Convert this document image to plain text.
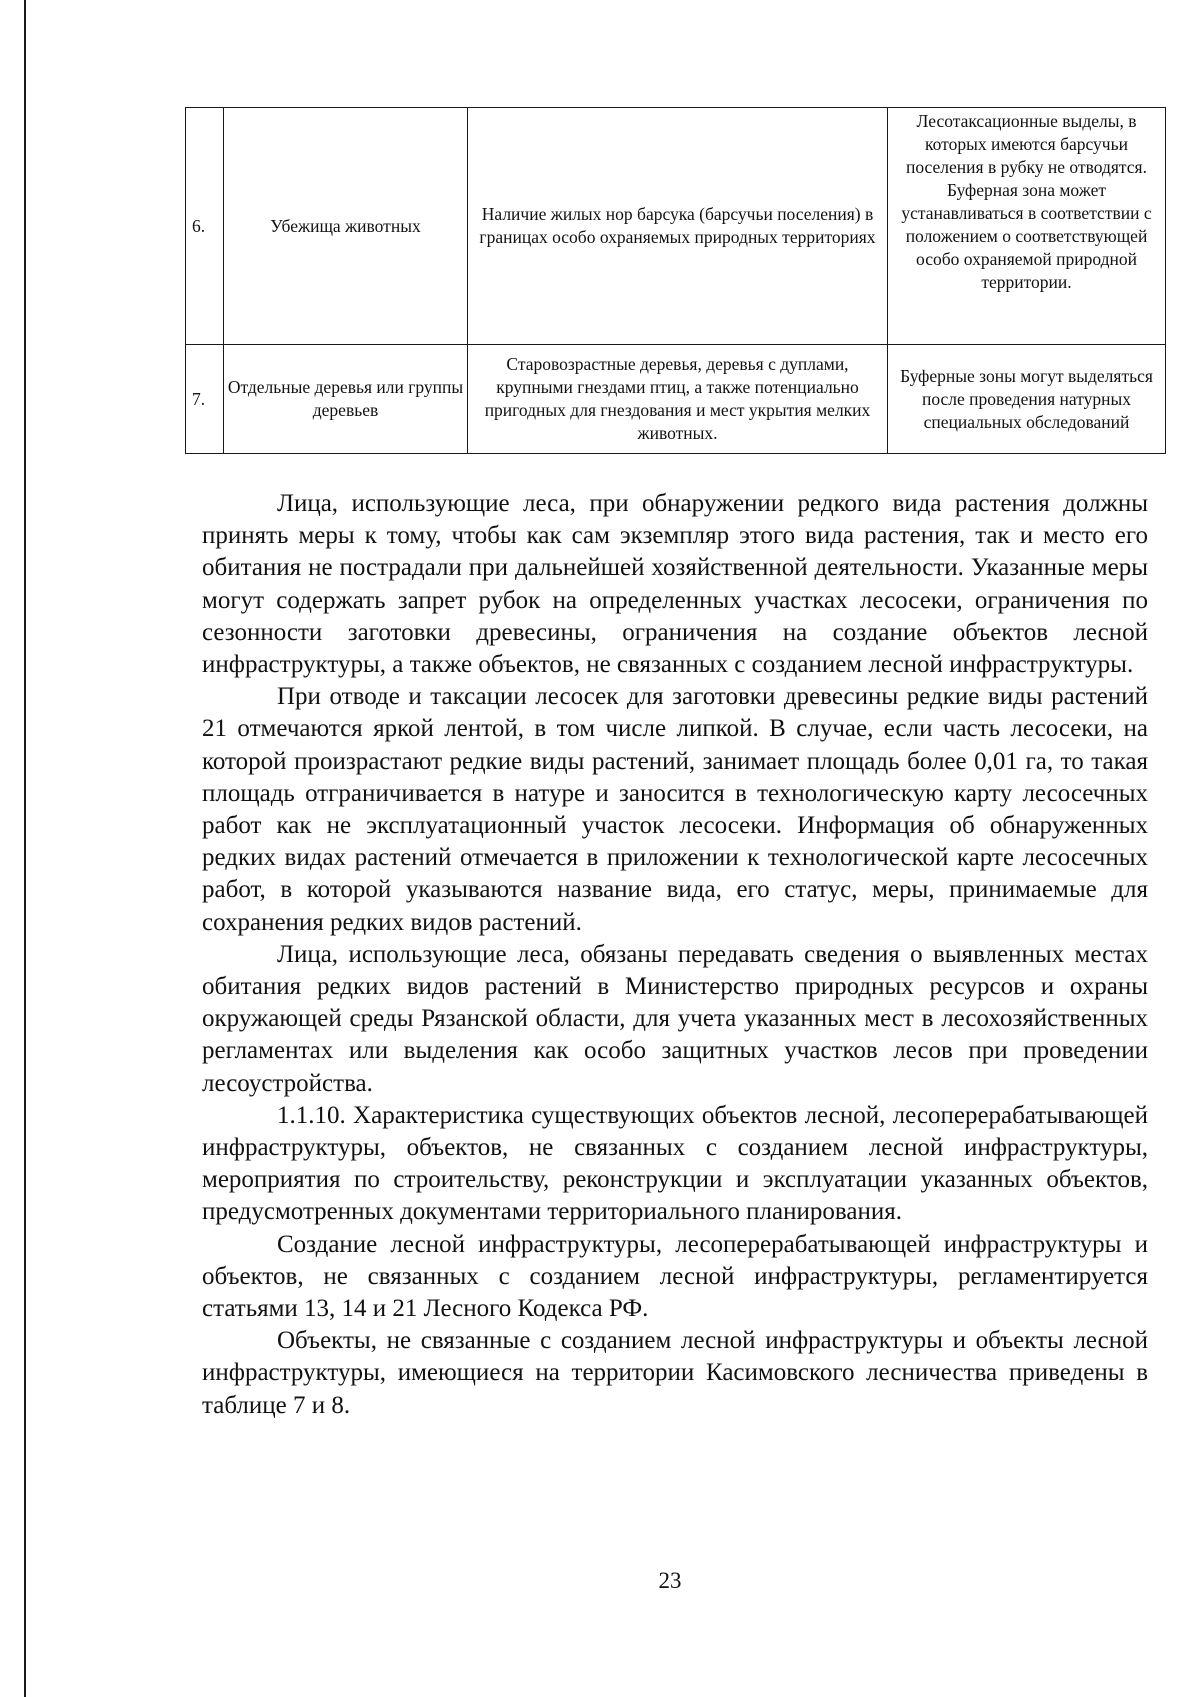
6.	Убежища животных	Наличие жилых нор барсука (барсучьи поселения) в границах особо охраняемых природных территориях	Лесотаксационные выделы, в которых имеются барсучьи поселения в рубку не отводятся. Буферная зона может устанавливаться в соответствии с положением о соответствующей особо охраняемой природной территории.
7.	Отдельные деревья или группы деревьев	Старовозрастные деревья, деревья с дуплами, крупными гнездами птиц, а также потенциально пригодных для гнездования и мест укрытия мелких животных.	Буферные зоны могут выделяться после проведения натурных специальных обследований

Лица, использующие леса, при обнаружении редкого вида растения должны принять меры к тому, чтобы как сам экземпляр этого вида растения, так и место его обитания не пострадали при дальнейшей хозяйственной деятельности. Указанные меры могут содержать запрет рубок на определенных участках лесосеки, ограничения по сезонности заготовки древесины, ограничения на создание объектов лесной инфраструктуры, а также объектов, не связанных с созданием лесной инфраструктуры.

При отводе и таксации лесосек для заготовки древесины редкие виды растений 21 отмечаются яркой лентой, в том числе липкой. В случае, если часть лесосеки, на которой произрастают редкие виды растений, занимает площадь более 0,01 га, то такая площадь отграничивается в натуре и заносится в технологическую карту лесосечных работ как не эксплуатационный участок лесосеки. Информация об обнаруженных редких видах растений отмечается в приложении к технологической карте лесосечных работ, в которой указываются название вида, его статус, меры, принимаемые для сохранения редких видов растений.

Лица, использующие леса, обязаны передавать сведения о выявленных местах обитания редких видов растений в Министерство природных ресурсов и охраны окружающей среды Рязанской области, для учета указанных мест в лесохозяйственных регламентах или выделения как особо защитных участков лесов при проведении лесоустройства.

1.1.10. Характеристика существующих объектов лесной, лесоперерабатывающей инфраструктуры, объектов, не связанных с созданием лесной инфраструктуры, мероприятия по строительству, реконструкции и эксплуатации указанных объектов, предусмотренных документами территориального планирования.

Создание лесной инфраструктуры, лесоперерабатывающей инфраструктуры и объектов, не связанных с созданием лесной инфраструктуры, регламентируется статьями 13, 14 и 21 Лесного Кодекса РФ.

Объекты, не связанные с созданием лесной инфраструктуры и объекты лесной инфраструктуры, имеющиеся на территории Касимовского лесничества приведены в таблице 7 и 8.

23
